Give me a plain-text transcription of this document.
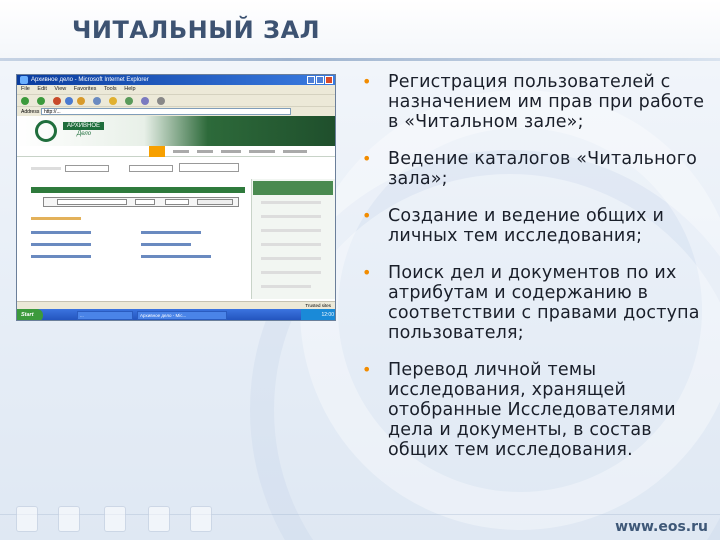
ЧИТАЛЬНЫЙ ЗАЛ
Архивное дело - Microsoft Internet Explorer
File Edit View Favorites Tools Help
Address http://...
АРХИВНОЕ
Дело
Trusted sites
Start	...	Архивное дело - Mic...	12:00
• Регистрация пользователей с назначением им прав при работе в «Читальном зале»;
• Ведение каталогов «Читального зала»;
• Создание и ведение общих и личных тем исследования;
• Поиск дел и документов по их атрибутам и содержанию в соответствии с правами доступа пользователя;
• Перевод личной темы исследования, хранящей отобранные Исследователями дела и документы, в состав общих тем исследования.
www.eos.ru
